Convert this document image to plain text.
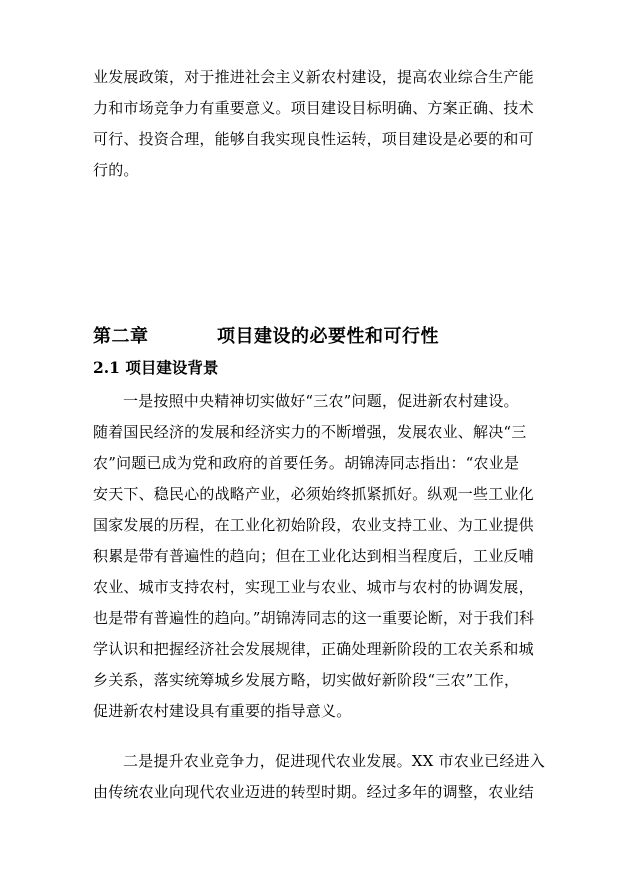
业发展政策，对于推进社会主义新农村建设，提高农业综合生产能
力和市场竞争力有重要意义。项目建设目标明确、方案正确、技术
可行、投资合理，能够自我实现良性运转，项目建设是必要的和可
行的。
第二章	项目建设的必要性和可行性
2.1 项目建设背景
一是按照中央精神切实做好“三农”问题，促进新农村建设。
随着国民经济的发展和经济实力的不断增强，发展农业、解决“三
农”问题已成为党和政府的首要任务。胡锦涛同志指出：“农业是
安天下、稳民心的战略产业，必须始终抓紧抓好。纵观一些工业化
国家发展的历程，在工业化初始阶段，农业支持工业、为工业提供
积累是带有普遍性的趋向；但在工业化达到相当程度后，工业反哺
农业、城市支持农村，实现工业与农业、城市与农村的协调发展，
也是带有普遍性的趋向。”胡锦涛同志的这一重要论断，对于我们科
学认识和把握经济社会发展规律，正确处理新阶段的工农关系和城
乡关系，落实统筹城乡发展方略，切实做好新阶段“三农”工作，
促进新农村建设具有重要的指导意义。
二是提升农业竞争力，促进现代农业发展。XX 市农业已经进入
由传统农业向现代农业迈进的转型时期。经过多年的调整，农业结
